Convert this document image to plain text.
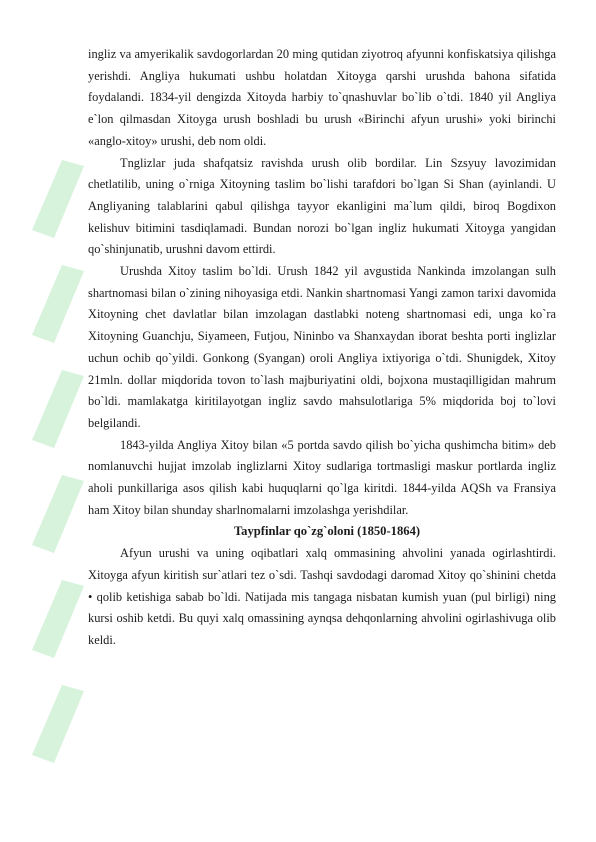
ingliz va amyerikalik savdogorlardan 20 ming qutidan ziyotroq afyunni konfiskatsiya qilishga yerishdi. Angliya hukumati ushbu holatdan Xitoyga qarshi urushda bahona sifatida foydalandi. 1834-yil dengizda Xitoyda harbiy to`qnashuvlar bo`lib o`tdi. 1840 yil Angliya e`lon qilmasdan Xitoyga urush boshladi bu urush «Birinchi afyun urushi» yoki birinchi «anglo-xitoy» urushi, deb nom oldi.

Tnglizlar juda shafqatsiz ravishda urush olib bordilar. Lin Szsyuy lavozimidan chetlatilib, uning o`rniga Xitoyning taslim bo`lishi tarafdori bo`lgan Si Shan (ayinlandi. U Angliyaning talablarini qabul qilishga tayyor ekanligini ma`lum qildi, biroq Bogdixon kelishuv bitimini tasdiqlamadi. Bundan norozi bo`lgan ingliz hukumati Xitoyga yangidan qo`shinjunatib, urushni davom ettirdi.

Urushda Xitoy taslim bo`ldi. Urush 1842 yil avgustida Nankinda imzolangan sulh shartnomasi bilan o`zining nihoyasiga etdi. Nankin shartnomasi Yangi zamon tarixi davomida Xitoyning chet davlatlar bilan imzolagan dastlabki noteng shartnomasi edi, unga ko`ra Xitoyning Guanchju, Siyameen, Futjou, Nininbo va Shanxaydan iborat beshta porti inglizlar uchun ochib qo`yildi. Gonkong (Syangan) oroli Angliya ixtiyoriga o`tdi. Shunigdek, Xitoy 21mln. dollar miqdorida tovon to`lash majburiyatini oldi, bojxona mustaqilligidan mahrum bo`ldi. mamlakatga kiritilayotgan ingliz savdo mahsulotlariga 5% miqdorida boj to`lovi belgilandi.

1843-yilda Angliya Xitoy bilan «5 portda savdo qilish bo`yicha qushimcha bitim» deb nomlanuvchi hujjat imzolab inglizlarni Xitoy sudlariga tortmasligi maskur portlarda ingliz aholi punkillariga asos qilish kabi huquqlarni qo`lga kiritdi. 1844-yilda AQSh va Fransiya ham Xitoy bilan shunday sharlnomalarni imzolashga yerishdilar.

Taypfinlar qo`zg`oloni (1850-1864)

Afyun urushi va uning oqibatlari xalq ommasining ahvolini yanada ogirlashtirdi. Xitoyga afyun kiritish sur`atlari tez o`sdi. Tashqi savdodagi daromad Xitoy qo`shinini chetda • qolib ketishiga sabab bo`ldi. Natijada mis tangaga nisbatan kumish yuan (pul birligi) ning kursi oshib ketdi. Bu quyi xalq omassining aynqsa dehqonlarning ahvolini ogirlashivuga olib keldi.
